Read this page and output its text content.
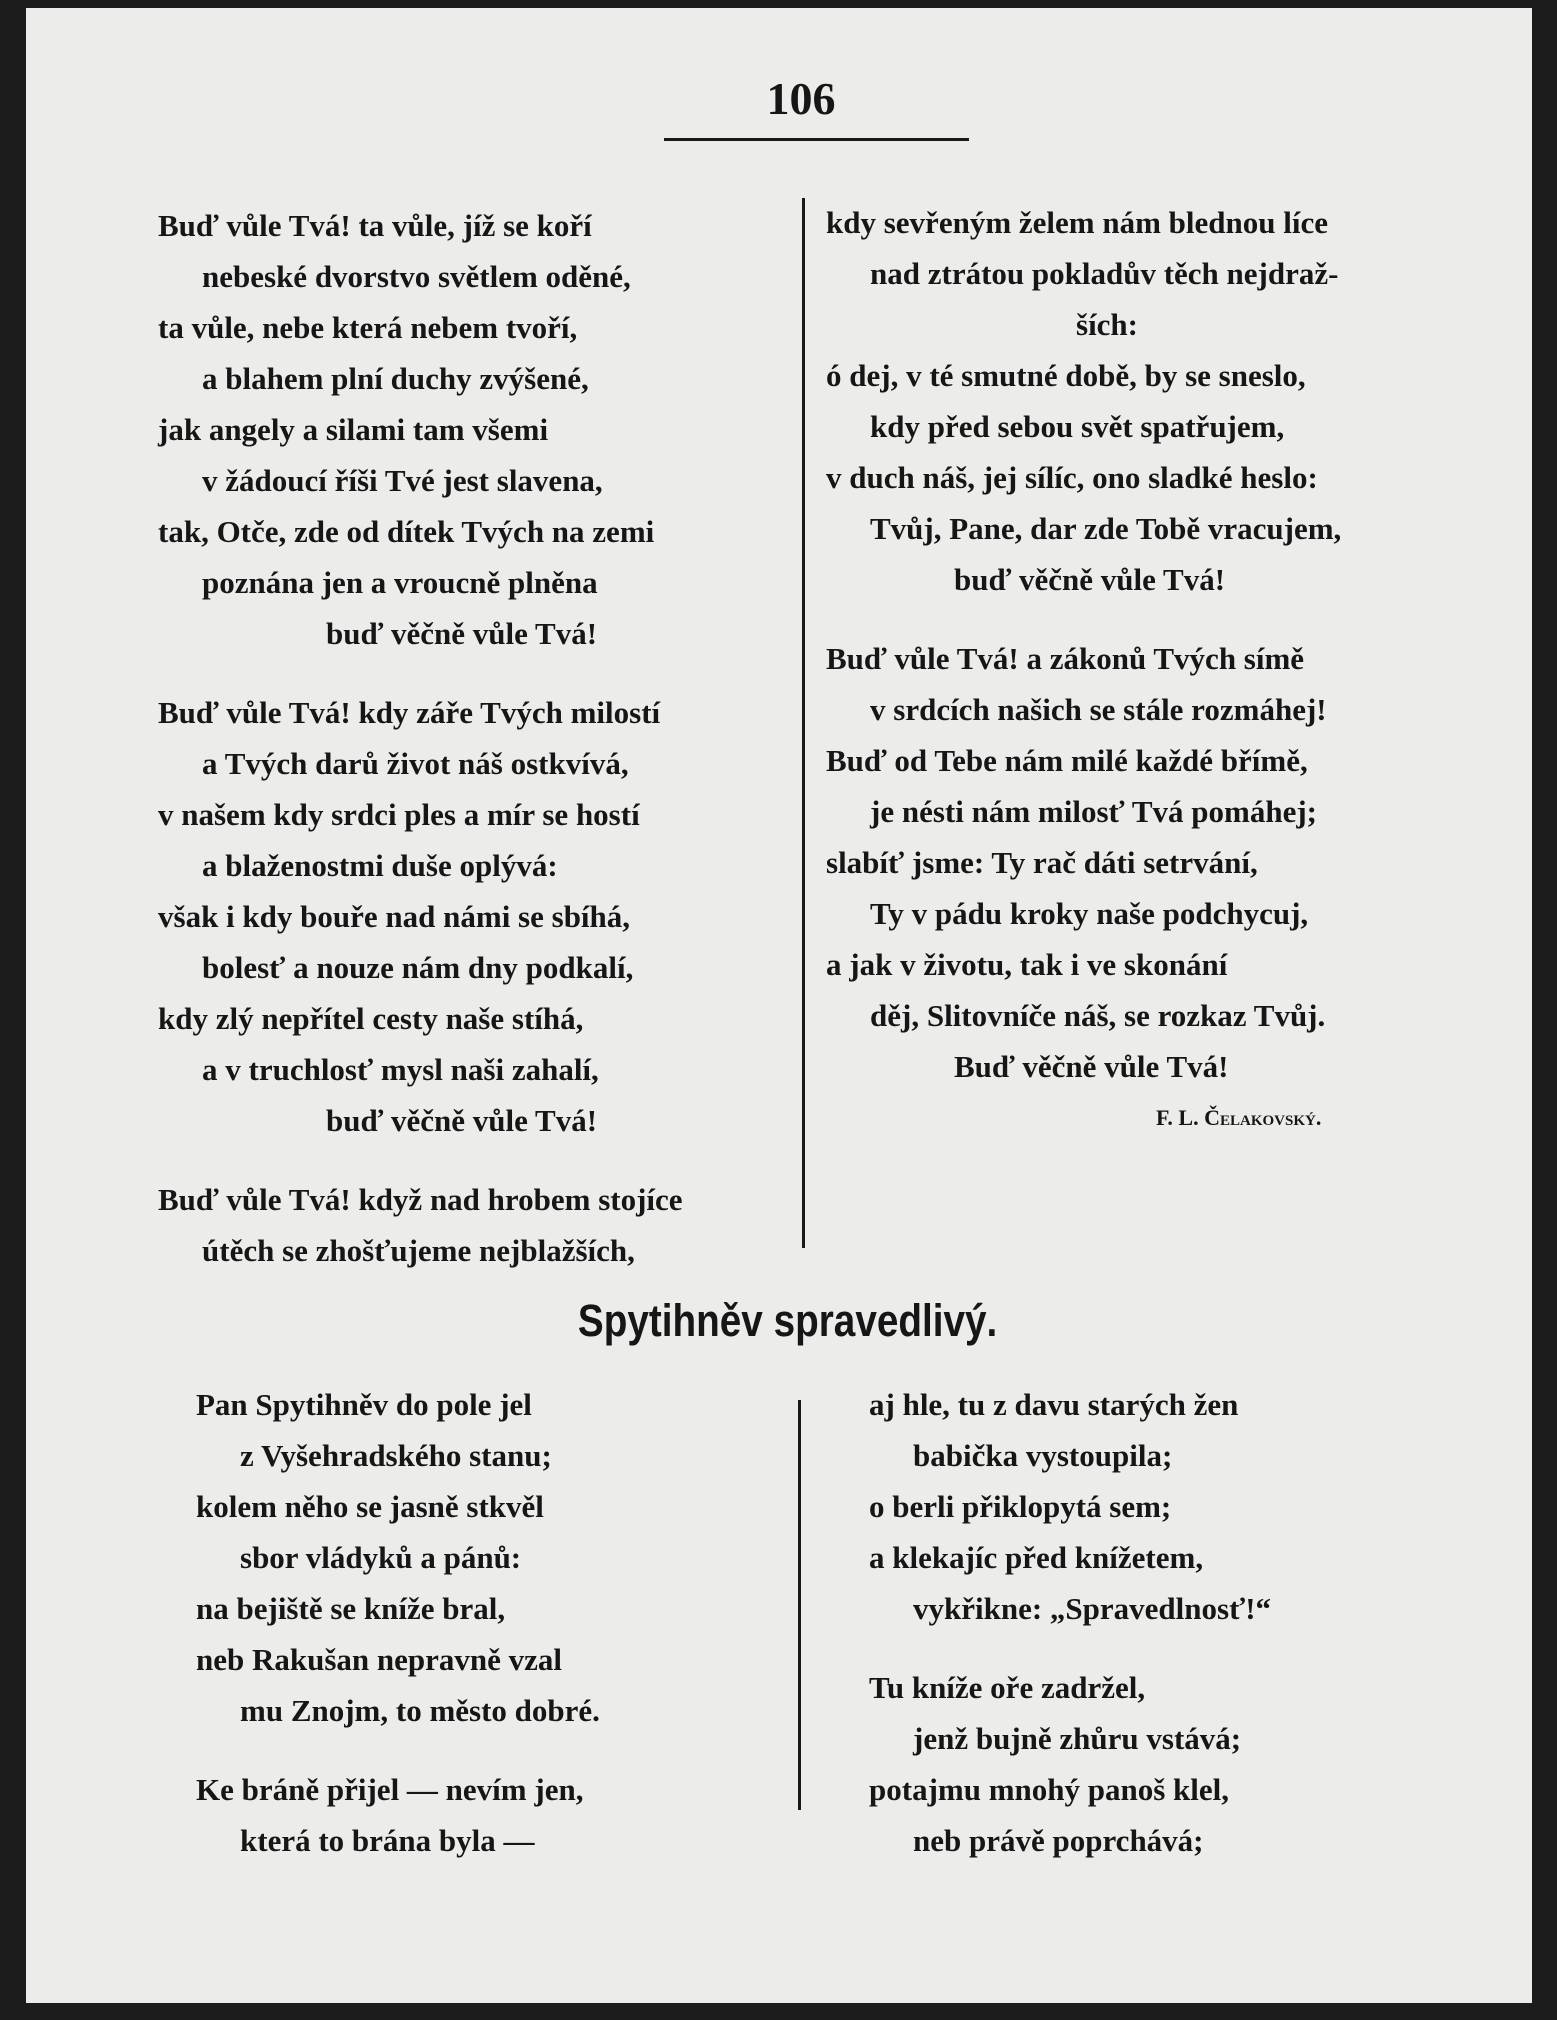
106

Buď vůle Tvá! ta vůle, jíž se koří
nebeské dvorstvo světlem oděné,
ta vůle, nebe která nebem tvoří,
a blahem plní duchy zvýšené,
jak angely a silami tam všemi
v žádoucí říši Tvé jest slavena,
tak, Otče, zde od dítek Tvých na zemi
poznána jen a vroucně plněna
buď věčně vůle Tvá!
Buď vůle Tvá! kdy záře Tvých milostí
a Tvých darů život náš ostkvívá,
v našem kdy srdci ples a mír se hostí
a blaženostmi duše oplývá:
však i kdy bouře nad námi se sbíhá,
bolesť a nouze nám dny podkalí,
kdy zlý nepřítel cesty naše stíhá,
a v truchlosť mysl naši zahalí,
buď věčně vůle Tvá!
Buď vůle Tvá! když nad hrobem stojíce
útěch se zhošťujeme nejblažších,
kdy sevřeným želem nám blednou líce
nad ztrátou pokladův těch nejdraž-
ších:
ó dej, v té smutné době, by se sneslo,
kdy před sebou svět spatřujem,
v duch náš, jej sílíc, ono sladké heslo:
Tvůj, Pane, dar zde Tobě vracujem,
buď věčně vůle Tvá!
Buď vůle Tvá! a zákonů Tvých símě
v srdcích našich se stále rozmáhej!
Buď od Tebe nám milé každé břímě,
je nésti nám milosť Tvá pomáhej;
slabíť jsme: Ty rač dáti setrvání,
Ty v pádu kroky naše podchycuj,
a jak v životu, tak i ve skonání
děj, Slitovníče náš, se rozkaz Tvůj.
Buď věčně vůle Tvá!
F. L. Čelakovský.
Spytihněv spravedlivý.
Pan Spytihněv do pole jel
z Vyšehradského stanu;
kolem něho se jasně stkvěl
sbor vládyků a pánů:
na bejiště se kníže bral,
neb Rakušan nepravně vzal
mu Znojm, to město dobré.
Ke bráně přijel — nevím jen,
která to brána byla —
aj hle, tu z davu starých žen
babička vystoupila;
o berli přiklopytá sem;
a klekajíc před knížetem,
vykřikne: „Spravedlnosť!“
Tu kníže oře zadržel,
jenž bujně zhůru vstává;
potajmu mnohý panoš klel,
neb právě poprchává;
